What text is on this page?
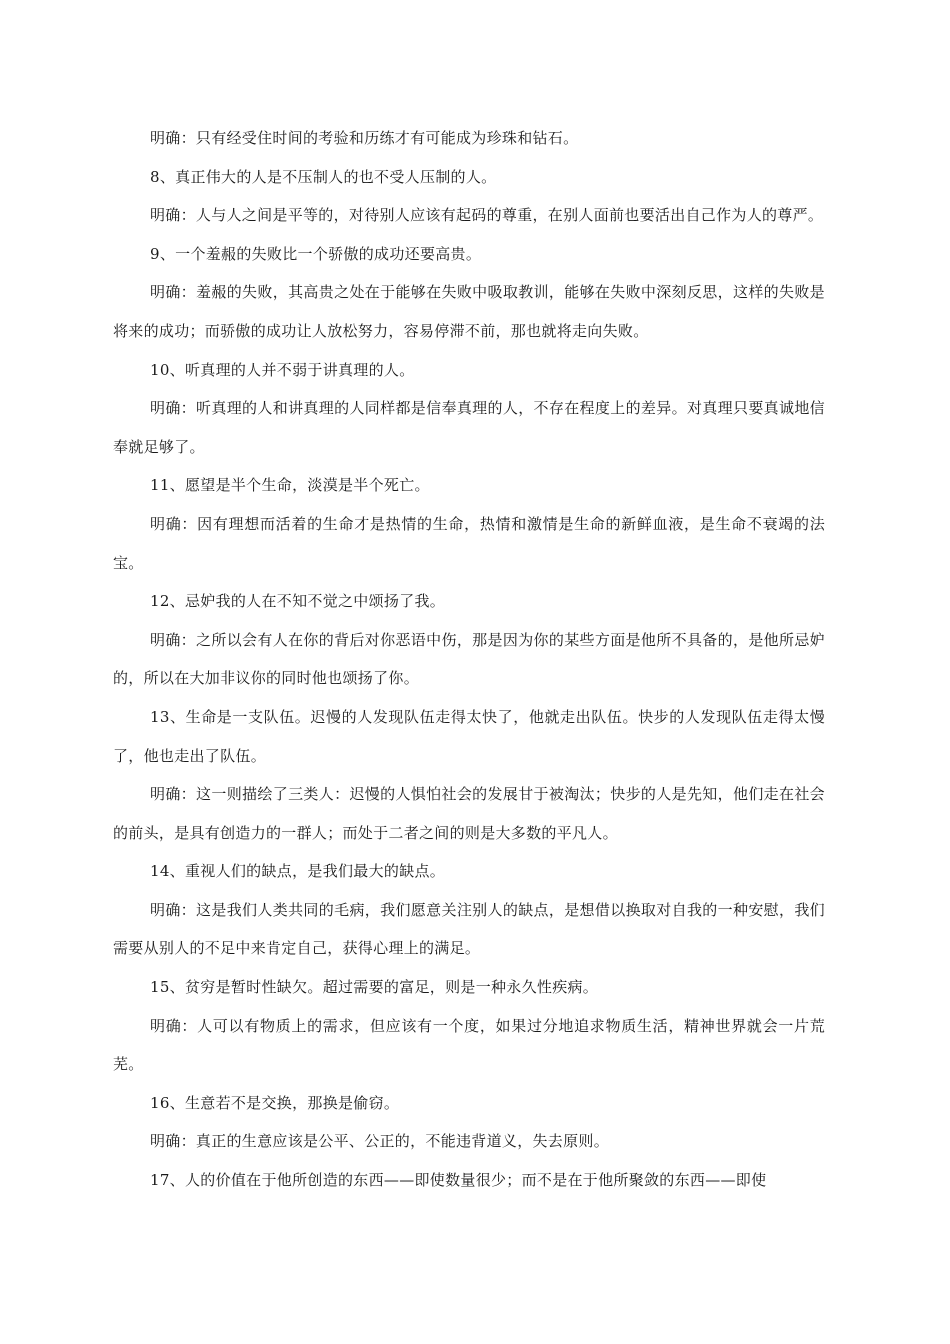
明确：只有经受住时间的考验和历练才有可能成为珍珠和钻石。

8、真正伟大的人是不压制人的也不受人压制的人。

明确：人与人之间是平等的，对待别人应该有起码的尊重，在别人面前也要活出自己作为人的尊严。

9、一个羞赧的失败比一个骄傲的成功还要高贵。

明确：羞赧的失败，其高贵之处在于能够在失败中吸取教训，能够在失败中深刻反思，这样的失败是将来的成功；而骄傲的成功让人放松努力，容易停滞不前，那也就将走向失败。

10、听真理的人并不弱于讲真理的人。

明确：听真理的人和讲真理的人同样都是信奉真理的人，不存在程度上的差异。对真理只要真诚地信奉就足够了。

11、愿望是半个生命，淡漠是半个死亡。

明确：因有理想而活着的生命才是热情的生命，热情和激情是生命的新鲜血液，是生命不衰竭的法宝。

12、忌妒我的人在不知不觉之中颂扬了我。

明确：之所以会有人在你的背后对你恶语中伤，那是因为你的某些方面是他所不具备的，是他所忌妒的，所以在大加非议你的同时他也颂扬了你。

13、生命是一支队伍。迟慢的人发现队伍走得太快了，他就走出队伍。快步的人发现队伍走得太慢了，他也走出了队伍。

明确：这一则描绘了三类人：迟慢的人惧怕社会的发展甘于被淘汰；快步的人是先知，他们走在社会的前头，是具有创造力的一群人；而处于二者之间的则是大多数的平凡人。

14、重视人们的缺点，是我们最大的缺点。

明确：这是我们人类共同的毛病，我们愿意关注别人的缺点，是想借以换取对自我的一种安慰，我们需要从别人的不足中来肯定自己，获得心理上的满足。

15、贫穷是暂时性缺欠。超过需要的富足，则是一种永久性疾病。

明确：人可以有物质上的需求，但应该有一个度，如果过分地追求物质生活，精神世界就会一片荒芜。

16、生意若不是交换，那换是偷窃。

明确：真正的生意应该是公平、公正的，不能违背道义，失去原则。

17、人的价值在于他所创造的东西——即使数量很少；而不是在于他所聚敛的东西——即使
